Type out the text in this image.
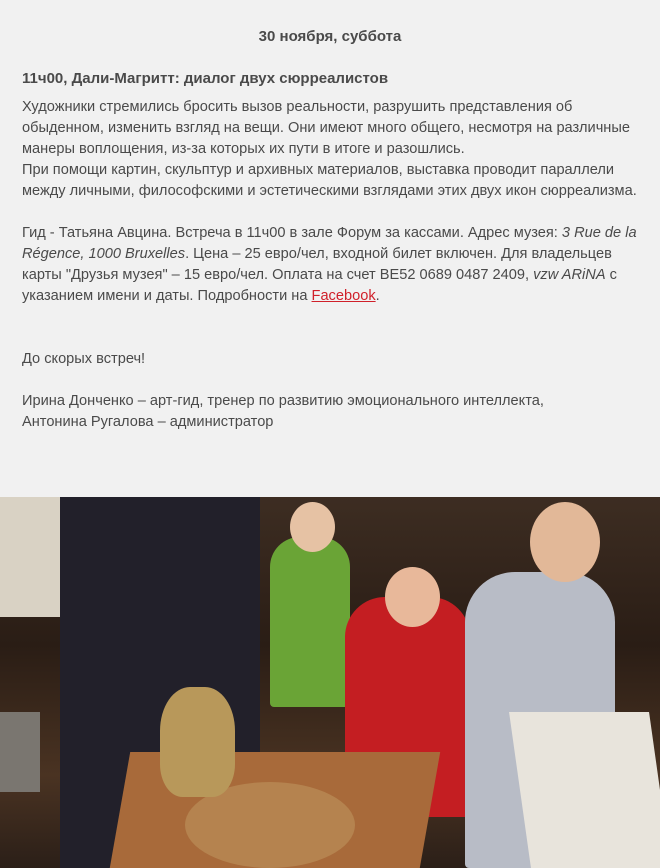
30 ноября, суббота

11ч00, Дали-Магритт: диалог двух сюрреалистов

Художники стремились бросить вызов реальности, разрушить представления об обыденном, изменить взгляд на вещи. Они имеют много общего, несмотря на различные манеры воплощения, из-за которых их пути в итоге и разошлись.

При помощи картин, скульптур и архивных материалов, выставка проводит параллели между личными, философскими и эстетическими взглядами этих двух икон сюрреализма.

Гид - Татьяна Авцина. Встреча в 11ч00 в зале Форум за кассами. Адрес музея: 3 Rue de la Régence, 1000 Bruxelles. Цена – 25 евро/чел, входной билет включен. Для владельцев карты "Друзья музея" – 15 евро/чел. Оплата на счет BE52 0689 0487 2409, vzw ARiNA с указанием имени и даты. Подробности на Facebook.

До скорых встреч!

Ирина Донченко – арт-гид, тренер по развитию эмоционального интеллекта,

Антонина Ругалова – администратор
